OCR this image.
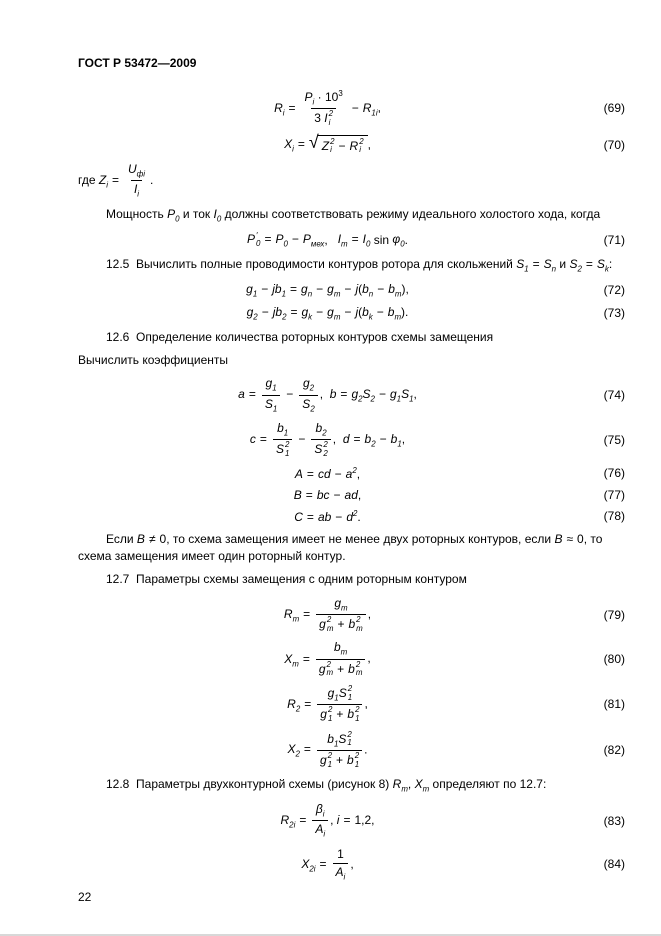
ГОСТ Р 53472—2009

$R_i = P_i \cdot 10^3$
3 I 2
$i - R_{1i}$,	(69)
$X_i$ = √ Z 2
i − R 2
i ,	(70)

где $Z_i = \frac{U_{фi}}{I_i}$ .

Мощность $P_0$ и ток $I_0$ должны соответствовать режиму идеального холостого хода, когда

P ′
$0 = P_0 - P_{мех}$,   $I_m = I_0$ $\sin \varphi_0$.	(71)

12.5  Вычислить полные проводимости контуров ротора для скольжений $S_1 = S_n$ и $S_2 = S_k$:

$g_1 - jb_1 = g_n - g_m - j(b_n - b_m)$,	(72)
$g_2 - jb_2 = g_k - g_m - j(b_k - b_m)$.	(73)

12.6  Определение количества роторных контуров схемы замещения

Вычислить коэффициенты

$a = \frac{g_1}{S_1} - \frac{g_2}{S_2}$ ,  $b = g_2S_2 - g_1S_1$,	(74)
$c = b_1$
S 2
$1 - b_2$
S 2
2 ,  $d = b_2 - b_1$,	(75)
A = cd − $a^2$,	(76)
B = bc − ad,	(77)
C = ab − $d^2$.	(78)

Если B ≠ 0, то схема замещения имеет не менее двух роторных контуров, если B ≈ 0, то схема замещения имеет один роторный контур.

12.7  Параметры схемы замещения с одним роторным контуром

$R_m = g_m$
g 2
m + b 2
m ,	(79)
$X_m = b_m$
g 2
m + b 2
m ,	(80)
$R_2 = g_1S$ 2
1
g 2
1 + b 2
1 ,	(81)
$X_2 = b_1S$ 2
1
g 2
1 + b 2
1 .	(82)

12.8  Параметры двухконтурной схемы (рисунок 8) $R_m$, $X_m$ определяют по 12.7:

$R_{2i} = \frac{\beta_i}{A_i}$ , i = 1,2,	(83)
$X_{2i} = \frac{1}{A_i}$ ,	(84)
22
